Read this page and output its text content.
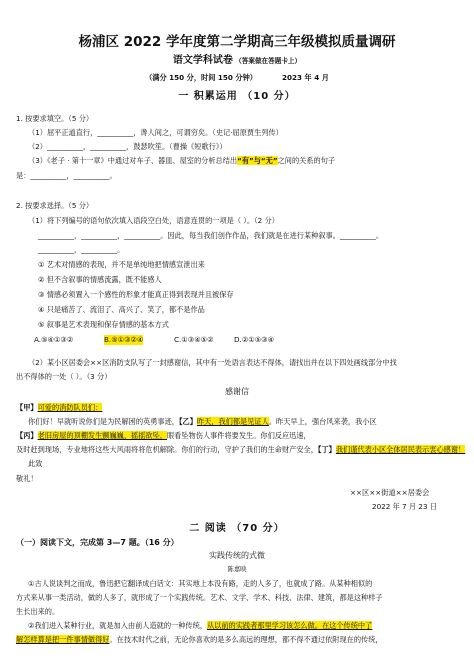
杨浦区 2022 学年度第二学期高三年级模拟质量调研
语文学科试卷 （答案做在答题卡上）
（满分 150 分，时间 150 分钟）	2023 年 4 月
一 积累运用 （10 分）
1. 按要求填空。（5 分）
（1）屈平正道直行，__________，谗人间之，可谓穷矣。（史记·屈原贾生列传）
（2）__________，__________，鼓瑟吹笙。（曹操《短歌行》）
（3）《老子 · 第十一章》中通过对车子、器皿、屋室的分析总结出“有”与“无”之间的关系的句子
是：__________，__________。
2. 按要求选择。（5 分）
（1）将下列编号的语句依次填入语段空白处，语意连贯的一项是（ ）。（2 分）
__________，__________，__________。因此，每当我们创作作品，我们就是在进行某种叙事。__________。
__________，__________。
① 艺术对情感的表现，并不是单纯地把情感宣泄出来
② 但不含叙事的情感流露，既不能感人
③ 情感必须置入一个感性的形象才能真正得到表现并且被保存
④ 只是痛苦了、流泪了、高兴了、笑了，都不是作品
⑤ 叙事是艺术表现和保存情感的基本方式
A.⑤④①③②	B.⑤①③②④	C.①③④⑤②	D.②①⑤③④
（2）某小区居委会××区消防支队写了一封感谢信，其中有一处语言表达不得体，请找出并在以下四处画线部分中找
出不得体的一处（ ）。（3 分）
感谢信
【甲】可爱的消防队员们：
你们好！早就听说你们是为民解困的英勇事迹，【乙】昨天，我们都是见证人。昨天早上，强台风来袭，我小区
【丙】老旧房屋的顶棚发生颤巍巍，摇摇欲坠，眼看坠物伤人事件将要发生。你们反应迅速，
及时赶到现场，专业地将这些大风雨将将危机解除。你们的行动，守护了我们的生命财产安全，【丁】我们谨代表小区全体居民表示衷心感谢！
此致
敬礼！
××区××街道××居委会
2022 年 7 月 23 日
二 阅读 （70 分）
（一）阅读下文，完成第 3—7 题。（16 分）
实践传统的式微
陈嘉映
①古人说谈判之而成，鲁迅把它翻译成白话文：其实地上本没有路，走的人多了，也就成了路。从某种相似的
方式来从事一类活动，做的人多了，就形成了一个实践传统。艺术、文学、学术、科技、法律、建筑，都是这种样子
生长出来的。
②我们进入某种行业，就是加入由前人造就的一种传统，从以前的实践者那里学习该怎么做。在这个传统中了
解怎样算是把一件事情做得好。在技术时代之前，无论你喜欢的是多么高远的理想，都不得不通过依附现在的传统，
